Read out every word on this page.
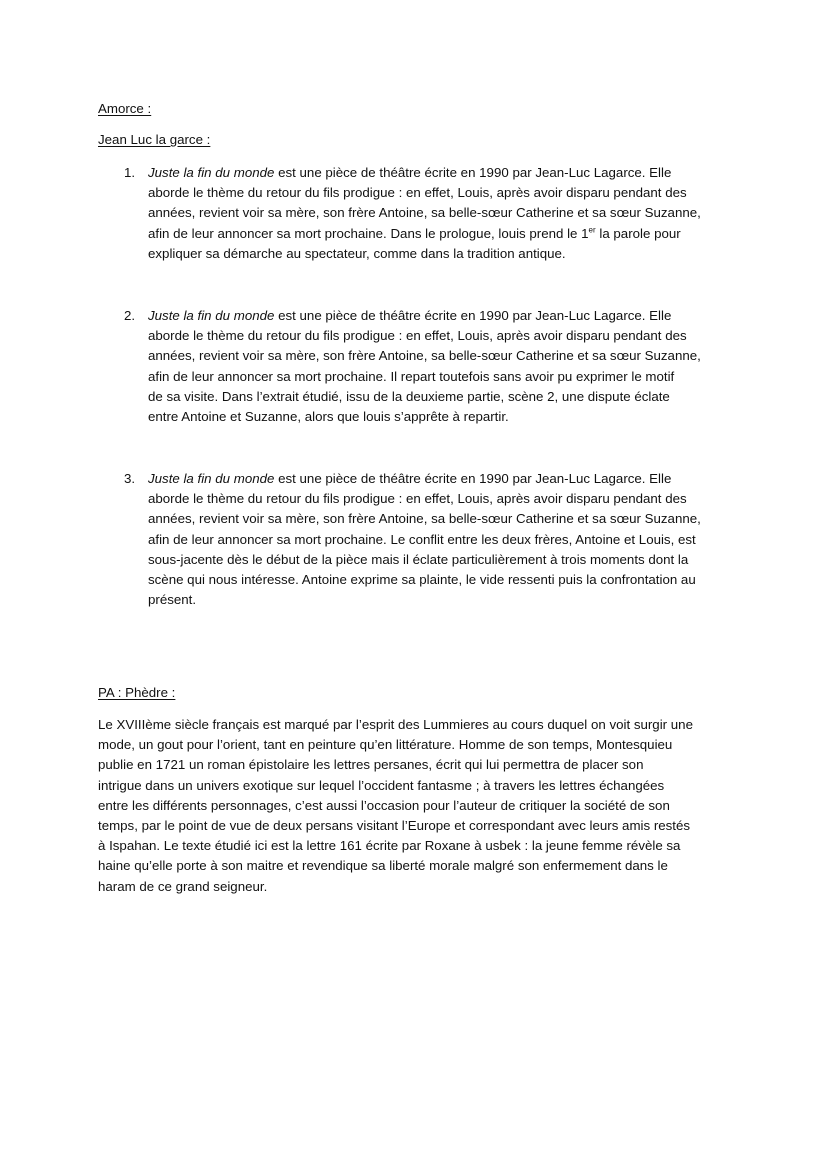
Amorce :
Jean Luc la garce :
1. Juste la fin du monde est une pièce de théâtre écrite en 1990 par Jean-Luc Lagarce. Elle
aborde le thème du retour du fils prodigue : en effet, Louis, après avoir disparu pendant des
années, revient voir sa mère, son frère Antoine, sa belle-sœur Catherine et sa sœur Suzanne,
afin de leur annoncer sa mort prochaine. Dans le prologue, louis prend le 1er la parole pour
expliquer sa démarche au spectateur, comme dans la tradition antique.
2. Juste la fin du monde est une pièce de théâtre écrite en 1990 par Jean-Luc Lagarce. Elle
aborde le thème du retour du fils prodigue : en effet, Louis, après avoir disparu pendant des
années, revient voir sa mère, son frère Antoine, sa belle-sœur Catherine et sa sœur Suzanne,
afin de leur annoncer sa mort prochaine. Il repart toutefois sans avoir pu exprimer le motif
de sa visite. Dans l’extrait étudié, issu de la deuxieme partie, scène 2, une dispute éclate
entre Antoine et Suzanne, alors que louis s’apprête à repartir.
3. Juste la fin du monde est une pièce de théâtre écrite en 1990 par Jean-Luc Lagarce. Elle
aborde le thème du retour du fils prodigue : en effet, Louis, après avoir disparu pendant des
années, revient voir sa mère, son frère Antoine, sa belle-sœur Catherine et sa sœur Suzanne,
afin de leur annoncer sa mort prochaine. Le conflit entre les deux frères, Antoine et Louis, est
sous-jacente dès le début de la pièce mais il éclate particulièrement à trois moments dont la
scène qui nous intéresse. Antoine exprime sa plainte, le vide ressenti puis la confrontation au
présent.
PA : Phèdre :
Le XVIIIème siècle français est marqué par l’esprit des Lummieres au cours duquel on voit surgir une
mode, un gout pour l’orient, tant en peinture qu’en littérature. Homme de son temps, Montesquieu
publie en 1721 un roman épistolaire les lettres persanes, écrit qui lui permettra de placer son
intrigue dans un univers exotique sur lequel l’occident fantasme ; à travers les lettres échangées
entre les différents personnages, c’est aussi l’occasion pour l’auteur de critiquer la société de son
temps, par le point de vue de deux persans visitant l’Europe et correspondant avec leurs amis restés
à Ispahan. Le texte étudié ici est la lettre 161 écrite par Roxane à usbek : la jeune femme révèle sa
haine qu’elle porte à son maitre et revendique sa liberté morale malgré son enfermement dans le
haram de ce grand seigneur.
